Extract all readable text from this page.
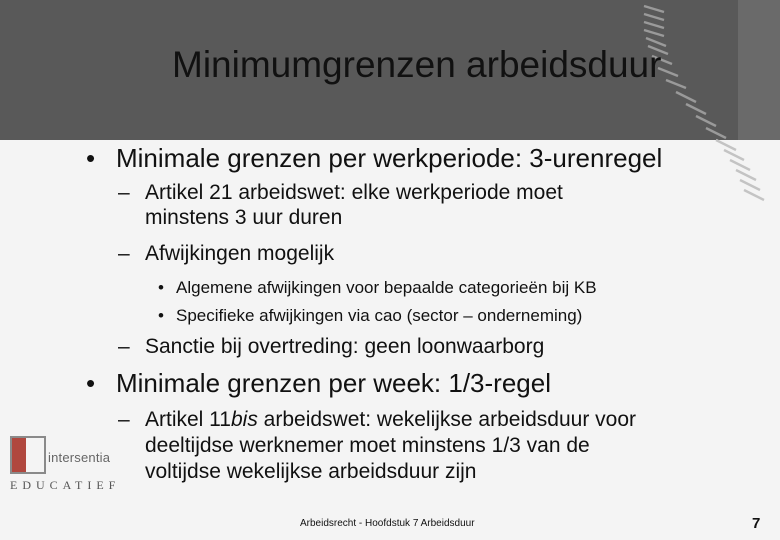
Minimumgrenzen arbeidsduur
• Minimale grenzen per werkperiode: 3-urenregel
– Artikel 21 arbeidswet: elke werkperiode moet
minstens 3 uur duren
– Afwijkingen mogelijk
• Algemene afwijkingen voor bepaalde categorieën bij KB
• Specifieke afwijkingen via cao (sector – onderneming)
– Sanctie bij overtreding: geen loonwaarborg
• Minimale grenzen per week: 1/3-regel
– Artikel 11bis arbeidswet: wekelijkse arbeidsduur voor
deeltijdse werknemer moet minstens 1/3 van de
voltijdse wekelijkse arbeidsduur zijn
intersentia
EDUCATIEF
Arbeidsrecht - Hoofdstuk 7 Arbeidsduur	7
